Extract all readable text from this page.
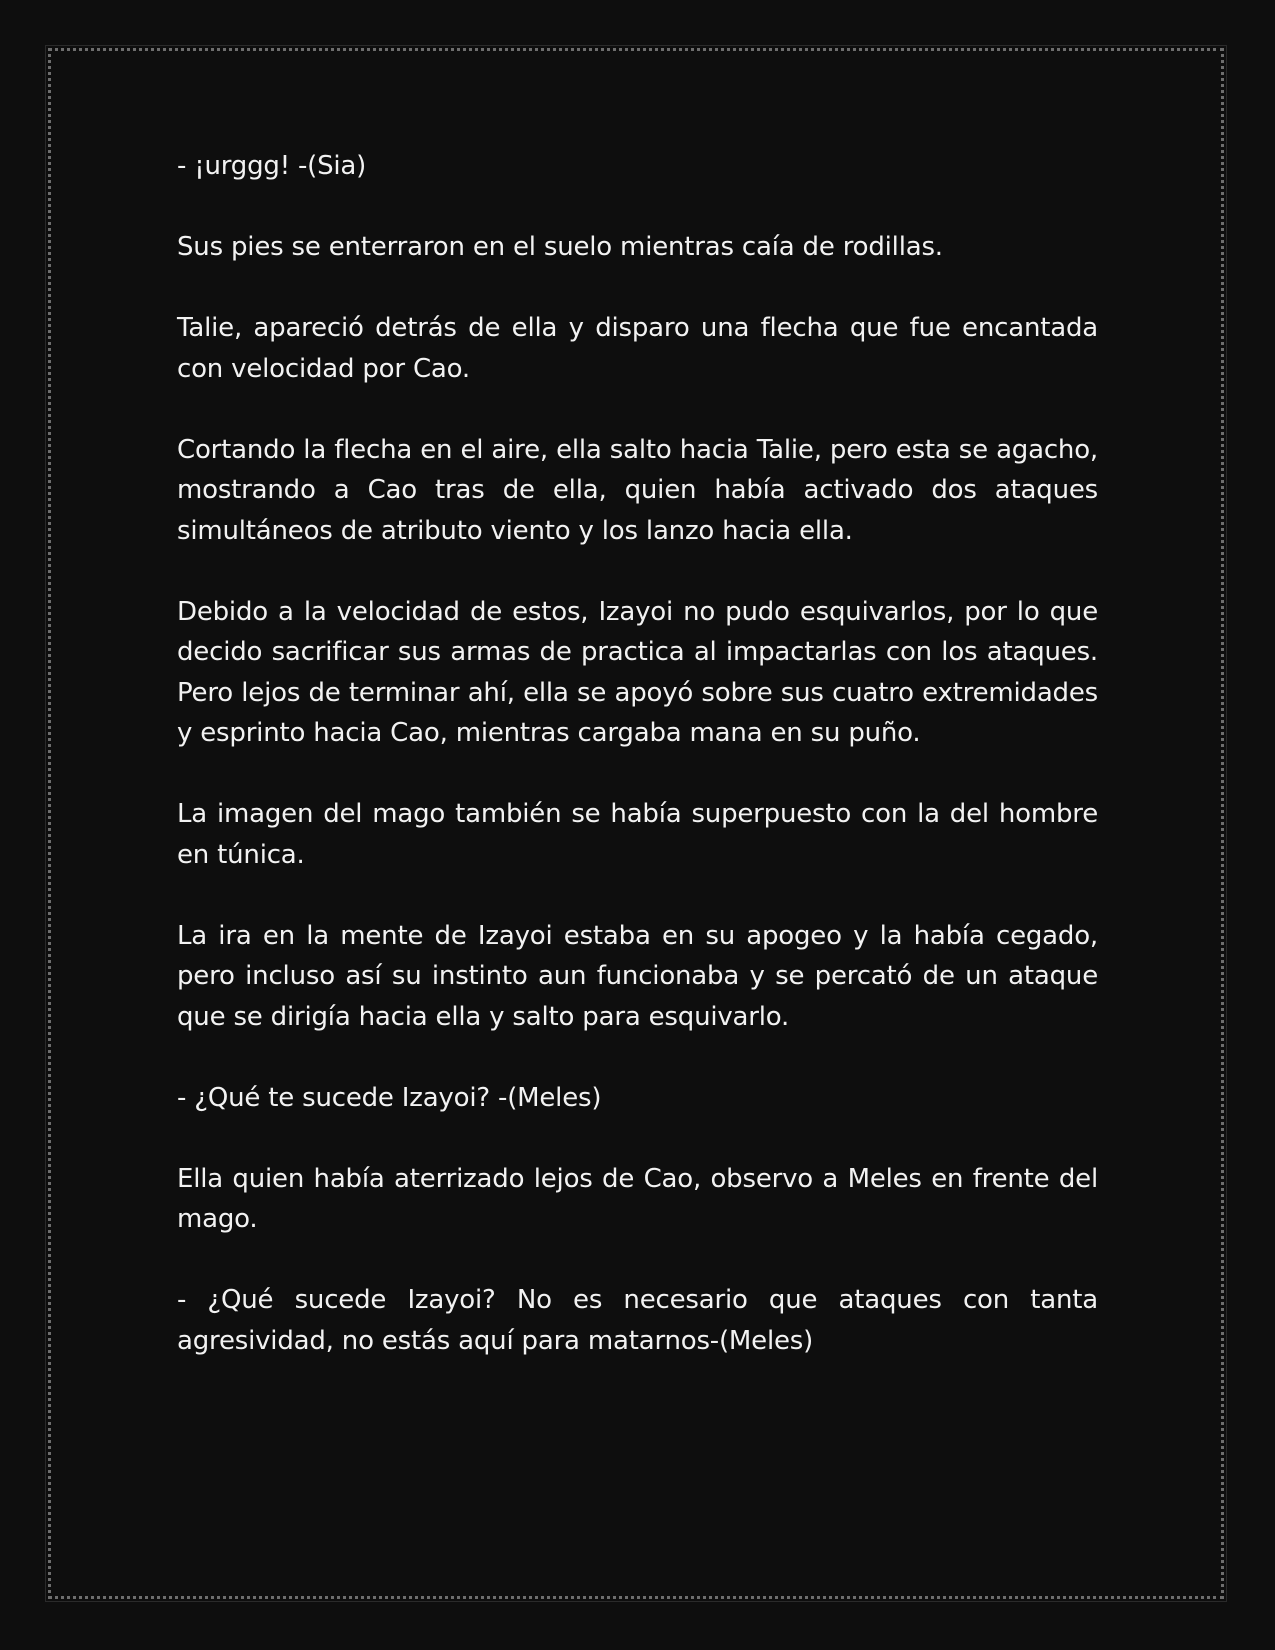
- ¡urggg! -(Sia)

Sus pies se enterraron en el suelo mientras caía de rodillas.

Talie, apareció detrás de ella y disparo una flecha que fue encantada con velocidad por Cao.

Cortando la flecha en el aire, ella salto hacia Talie, pero esta se agacho, mostrando a Cao tras de ella, quien había activado dos ataques simultáneos de atributo viento y los lanzo hacia ella.

Debido a la velocidad de estos, Izayoi no pudo esquivarlos, por lo que decido sacrificar sus armas de practica al impactarlas con los ataques. Pero lejos de terminar ahí, ella se apoyó sobre sus cuatro extremidades y esprinto hacia Cao, mientras cargaba mana en su puño.

La imagen del mago también se había superpuesto con la del hombre en túnica.

La ira en la mente de Izayoi estaba en su apogeo y la había cegado, pero incluso así su instinto aun funcionaba y se percató de un ataque que se dirigía hacia ella y salto para esquivarlo.

- ¿Qué te sucede Izayoi? -(Meles)

Ella quien había aterrizado lejos de Cao, observo a Meles en frente del mago.

- ¿Qué sucede Izayoi? No es necesario que ataques con tanta agresividad, no estás aquí para matarnos-(Meles)
